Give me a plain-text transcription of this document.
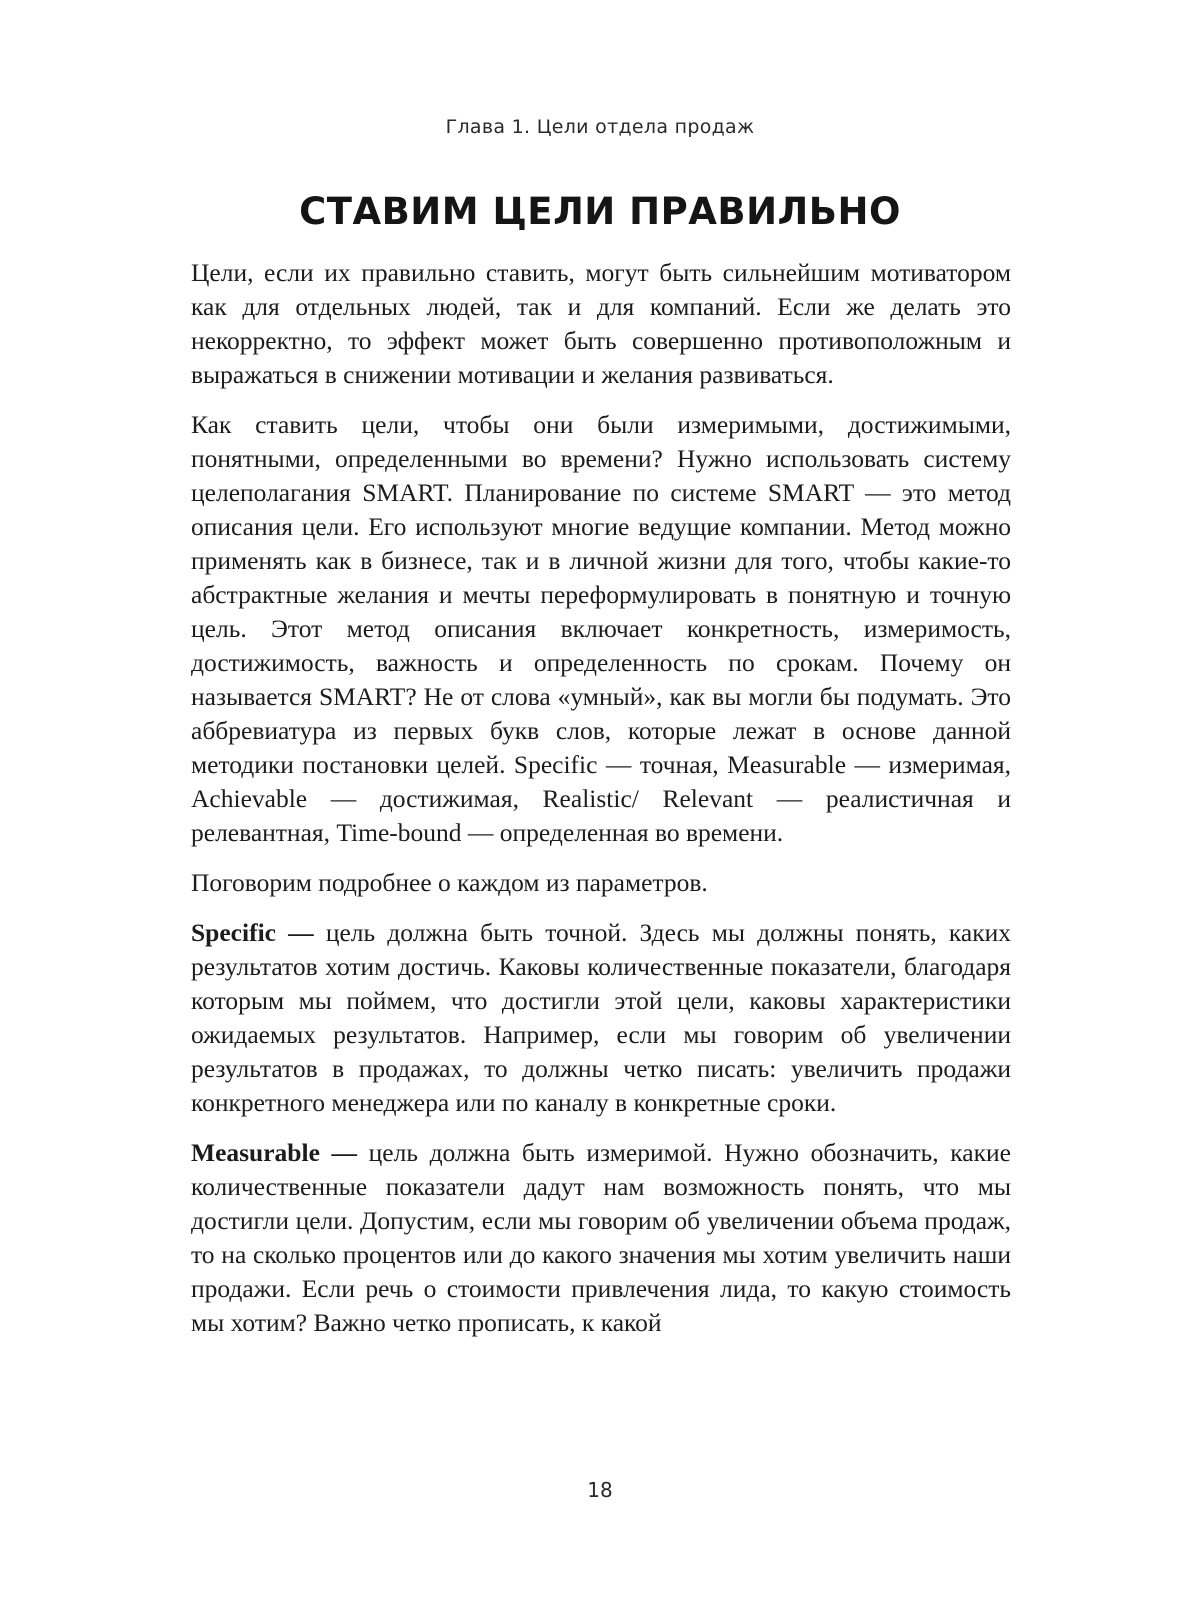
Глава 1. Цели отдела продаж
СТАВИМ ЦЕЛИ ПРАВИЛЬНО

Цели, если их правильно ставить, могут быть сильнейшим мотиватором как для отдельных людей, так и для компаний. Если же делать это некорректно, то эффект может быть совершенно противоположным и выражаться в снижении мотивации и желания развиваться.

Как ставить цели, чтобы они были измеримыми, достижимыми, понятными, определенными во времени? Нужно использовать систему целеполагания SMART. Планирование по системе SMART — это метод описания цели. Его используют многие ведущие компании. Метод можно применять как в бизнесе, так и в личной жизни для того, чтобы какие-то абстрактные желания и мечты переформулировать в понятную и точную цель. Этот метод описания включает конкретность, измеримость, достижимость, важность и определенность по срокам. Почему он называется SMART? Не от слова «умный», как вы могли бы подумать. Это аббревиатура из первых букв слов, которые лежат в основе данной методики постановки целей. Specific — точная, Measurable — измеримая, Achievable — достижимая, Realistic/ Relevant — реалистичная и релевантная, Time-bound — определенная во времени.

Поговорим подробнее о каждом из параметров.

Specific — цель должна быть точной. Здесь мы должны понять, каких результатов хотим достичь. Каковы количественные показатели, благодаря которым мы поймем, что достигли этой цели, каковы характеристики ожидаемых результатов. Например, если мы говорим об увеличении результатов в продажах, то должны четко писать: увеличить продажи конкретного менеджера или по каналу в конкретные сроки.

Measurable — цель должна быть измеримой. Нужно обозначить, какие количественные показатели дадут нам возможность понять, что мы достигли цели. Допустим, если мы говорим об увеличении объема продаж, то на сколько процентов или до какого значения мы хотим увеличить наши продажи. Если речь о стоимости привлечения лида, то какую стоимость мы хотим? Важно четко прописать, к какой

18
